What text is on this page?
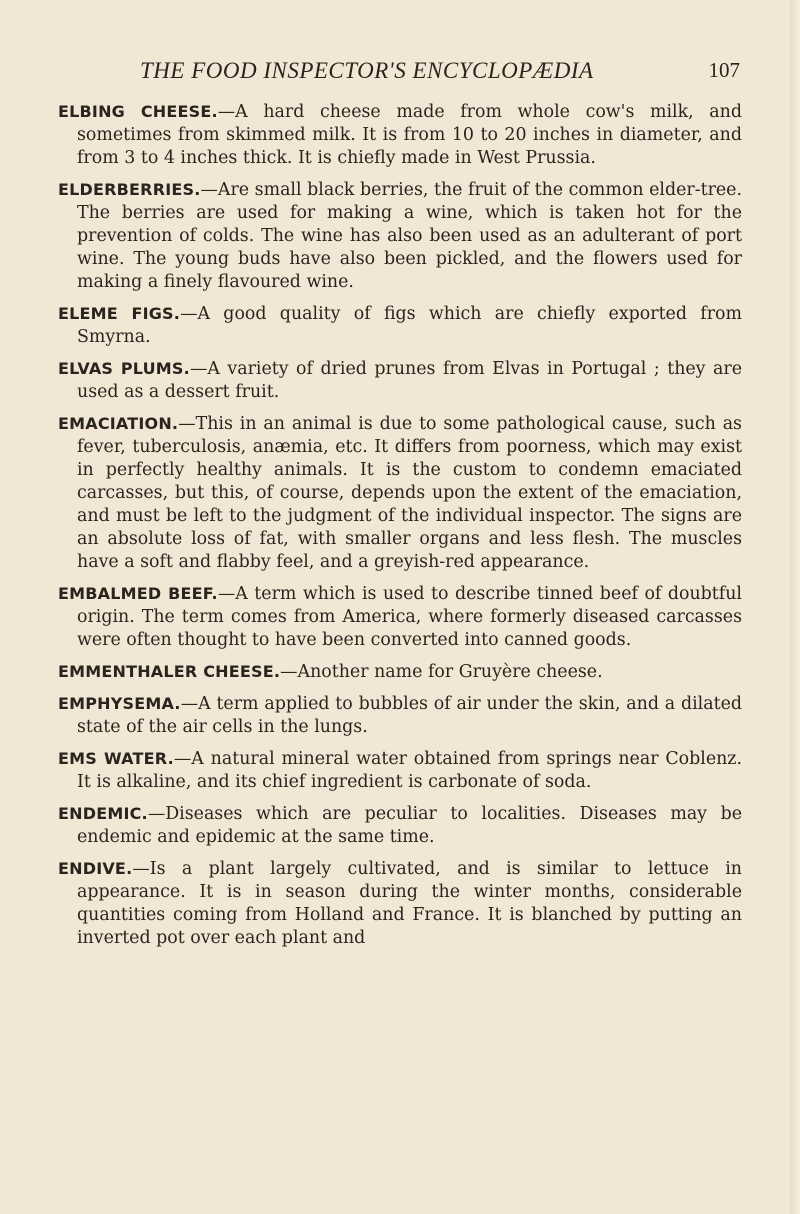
THE FOOD INSPECTOR'S ENCYCLOPÆDIA	107

ELBING CHEESE.—A hard cheese made from whole cow's milk, and sometimes from skimmed milk. It is from 10 to 20 inches in diameter, and from 3 to 4 inches thick. It is chiefly made in West Prussia.

ELDERBERRIES.—Are small black berries, the fruit of the common elder-tree. The berries are used for making a wine, which is taken hot for the prevention of colds. The wine has also been used as an adulterant of port wine. The young buds have also been pickled, and the flowers used for making a finely flavoured wine.

ELEME FIGS.—A good quality of figs which are chiefly exported from Smyrna.

ELVAS PLUMS.—A variety of dried prunes from Elvas in Portugal ; they are used as a dessert fruit.

EMACIATION.—This in an animal is due to some pathological cause, such as fever, tuberculosis, anæmia, etc. It differs from poorness, which may exist in perfectly healthy animals. It is the custom to condemn emaciated carcasses, but this, of course, depends upon the extent of the emaciation, and must be left to the judgment of the individual inspector. The signs are an absolute loss of fat, with smaller organs and less flesh. The muscles have a soft and flabby feel, and a greyish-red appearance.

EMBALMED BEEF.—A term which is used to describe tinned beef of doubtful origin. The term comes from America, where formerly diseased carcasses were often thought to have been converted into canned goods.

EMMENTHALER CHEESE.—Another name for Gruyère cheese.

EMPHYSEMA.—A term applied to bubbles of air under the skin, and a dilated state of the air cells in the lungs.

EMS WATER.—A natural mineral water obtained from springs near Coblenz. It is alkaline, and its chief ingredient is carbonate of soda.

ENDEMIC.—Diseases which are peculiar to localities. Diseases may be endemic and epidemic at the same time.

ENDIVE.—Is a plant largely cultivated, and is similar to lettuce in appearance. It is in season during the winter months, considerable quantities coming from Holland and France. It is blanched by putting an inverted pot over each plant and
